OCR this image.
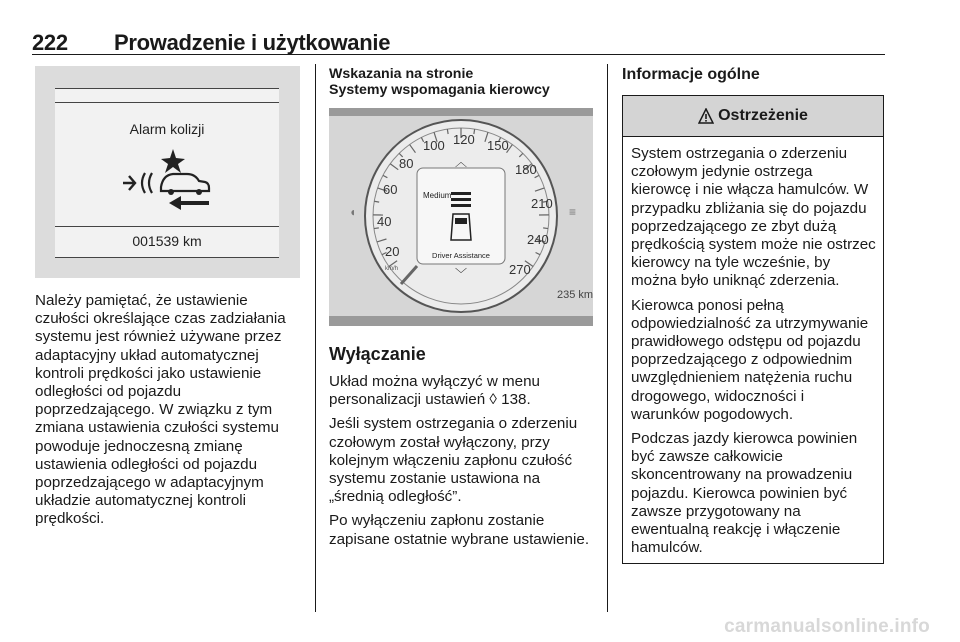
222 Prowadzenie i użytkowanie
Alarm kolizji
001539 km

Należy pamiętać, że ustawienie czułości określające czas zadziałania systemu jest również używane przez adaptacyjny układ automatycznej kontroli prędkości jako ustawienie odległości od pojazdu poprzedzającego. W związku z tym zmiana ustawienia czułości systemu powoduje jednoczesną zmianę ustawienia odległości od pojazdu poprzedzającego w adaptacyjnym układzie automatycznej kontroli prędkości.

Wskazania na stronie
Systemy wspomagania kierowcy
20
40
60
80
100 120 150
180
210
240
270
︿
Medium
Driver Assistance
﹀
km/h
◖	≡
235 km
Wyłączanie

Układ można wyłączyć w menu personalizacji ustawień ◊ 138.

Jeśli system ostrzegania o zderzeniu czołowym został wyłączony, przy kolejnym włączeniu zapłonu czułość systemu zostanie ustawiona na „średnią odległość”.

Po wyłączeniu zapłonu zostanie zapisane ostatnie wybrane ustawienie.

Informacje ogólne
Ostrzeżenie

System ostrzegania o zderzeniu czołowym jedynie ostrzega kierowcę i nie włącza hamulców. W przypadku zbliżania się do pojazdu poprzedzającego ze zbyt dużą prędkością system może nie ostrzec kierowcy na tyle wcześnie, by można było uniknąć zderzenia.

Kierowca ponosi pełną odpowiedzialność za utrzymywanie prawidłowego odstępu od pojazdu poprzedzającego z odpowiednim uwzględnieniem natężenia ruchu drogowego, widoczności i warunków pogodowych.

Podczas jazdy kierowca powinien być zawsze całkowicie skoncentrowany na prowadzeniu pojazdu. Kierowca powinien być zawsze przygotowany na ewentualną reakcję i włączenie hamulców.

carmanualsonline.info
